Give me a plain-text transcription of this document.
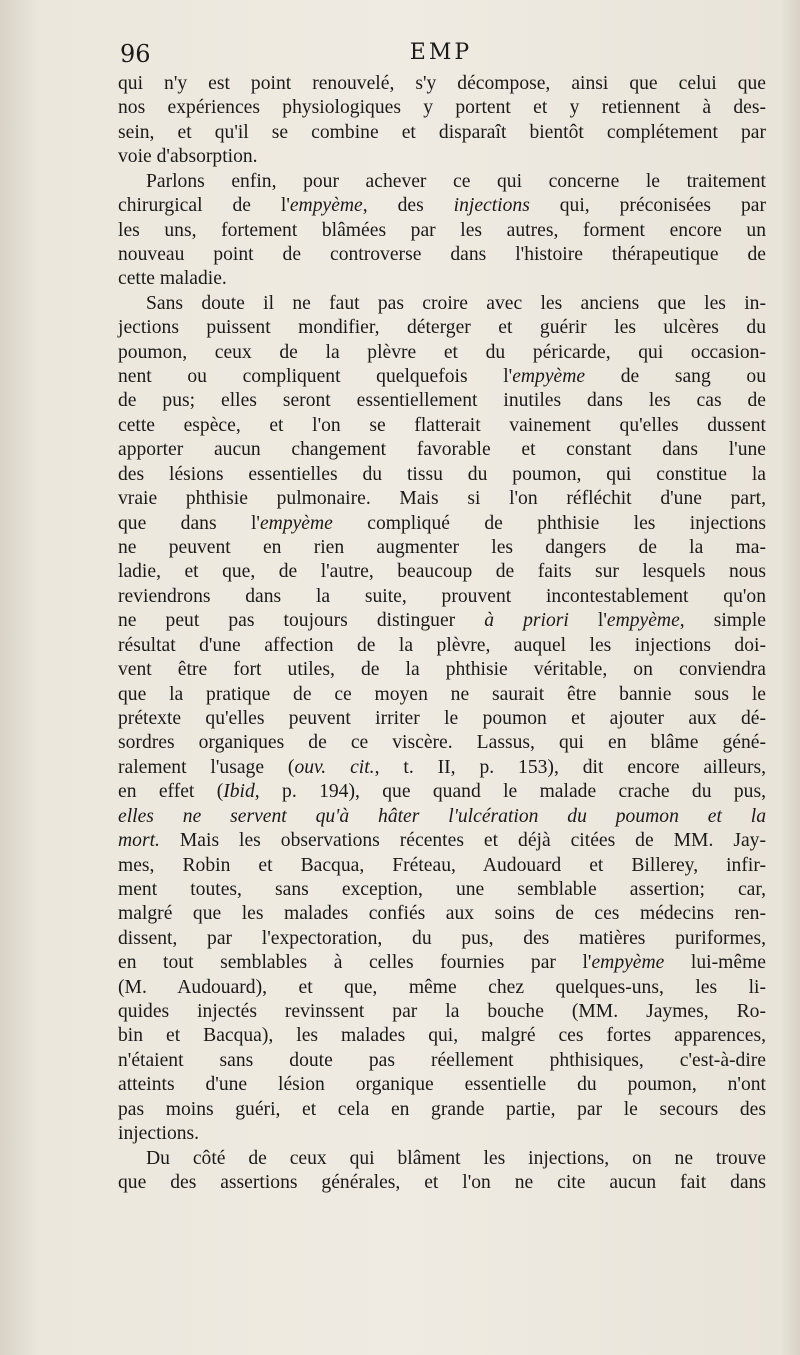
96	EMP

qui n'y est point renouvelé, s'y décompose, ainsi que celui que
nos expériences physiologiques y portent et y retiennent à des-
sein, et qu'il se combine et disparaît bientôt complétement par
voie d'absorption.

Parlons enfin, pour achever ce qui concerne le traitement
chirurgical de l'empyème, des injections qui, préconisées par
les uns, fortement blâmées par les autres, forment encore un
nouveau point de controverse dans l'histoire thérapeutique de
cette maladie.

Sans doute il ne faut pas croire avec les anciens que les in-
jections puissent mondifier, déterger et guérir les ulcères du
poumon, ceux de la plèvre et du péricarde, qui occasion-
nent ou compliquent quelquefois l'empyème de sang ou
de pus; elles seront essentiellement inutiles dans les cas de
cette espèce, et l'on se flatterait vainement qu'elles dussent
apporter aucun changement favorable et constant dans l'une
des lésions essentielles du tissu du poumon, qui constitue la
vraie phthisie pulmonaire. Mais si l'on réfléchit d'une part,
que dans l'empyème compliqué de phthisie les injections
ne peuvent en rien augmenter les dangers de la ma-
ladie, et que, de l'autre, beaucoup de faits sur lesquels nous
reviendrons dans la suite, prouvent incontestablement qu'on
ne peut pas toujours distinguer à priori l'empyème, simple
résultat d'une affection de la plèvre, auquel les injections doi-
vent être fort utiles, de la phthisie véritable, on conviendra
que la pratique de ce moyen ne saurait être bannie sous le
prétexte qu'elles peuvent irriter le poumon et ajouter aux dé-
sordres organiques de ce viscère. Lassus, qui en blâme géné-
ralement l'usage (ouv. cit., t. II, p. 153), dit encore ailleurs,
en effet (Ibid, p. 194), que quand le malade crache du pus,
elles ne servent qu'à hâter l'ulcération du poumon et la
mort. Mais les observations récentes et déjà citées de MM. Jay-
mes, Robin et Bacqua, Fréteau, Audouard et Billerey, infir-
ment toutes, sans exception, une semblable assertion; car,
malgré que les malades confiés aux soins de ces médecins ren-
dissent, par l'expectoration, du pus, des matières puriformes,
en tout semblables à celles fournies par l'empyème lui-même
(M. Audouard), et que, même chez quelques-uns, les li-
quides injectés revinssent par la bouche (MM. Jaymes, Ro-
bin et Bacqua), les malades qui, malgré ces fortes apparences,
n'étaient sans doute pas réellement phthisiques, c'est-à-dire
atteints d'une lésion organique essentielle du poumon, n'ont
pas moins guéri, et cela en grande partie, par le secours des
injections.

Du côté de ceux qui blâment les injections, on ne trouve
que des assertions générales, et l'on ne cite aucun fait dans
